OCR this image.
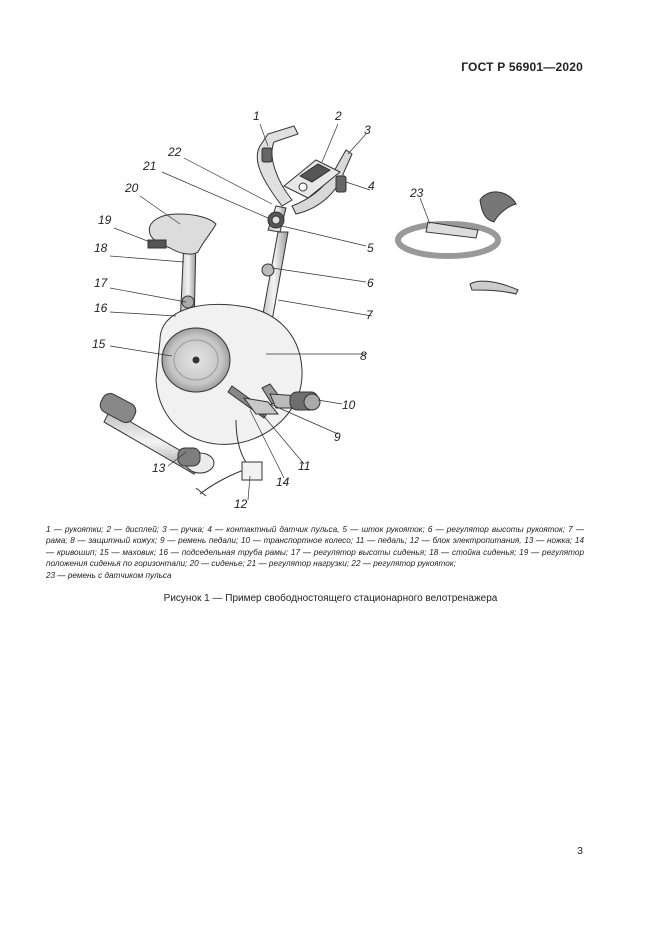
ГОСТ Р 56901—2020
1	2
3
4
5
6
7
8
9
10
11
12
13
14
15
16
17
18
19
20
21
22
23
1 — рукоятки; 2 — дисплей; 3 — ручка; 4 — контактный датчик пульса, 5 — шток рукояток; 6 — регулятор высоты рукояток; 7 — рама; 8 — защитный кожух; 9 — ремень педали; 10 — транспортное колесо; 11 — педаль; 12 — блок электропитания, 13 — ножка; 14 — кривошип; 15 — маховик; 16 — подседельная труба рамы; 17 — регулятор высоты сиденья; 18 — стойка сиденья; 19 — регулятор положения сиденья по горизонтали; 20 — сиденье; 21 — регулятор нагрузки; 22 — регулятор рукояток;
23 — ремень с датчиком пульса
Рисунок 1 — Пример свободностоящего стационарного велотренажера
3
